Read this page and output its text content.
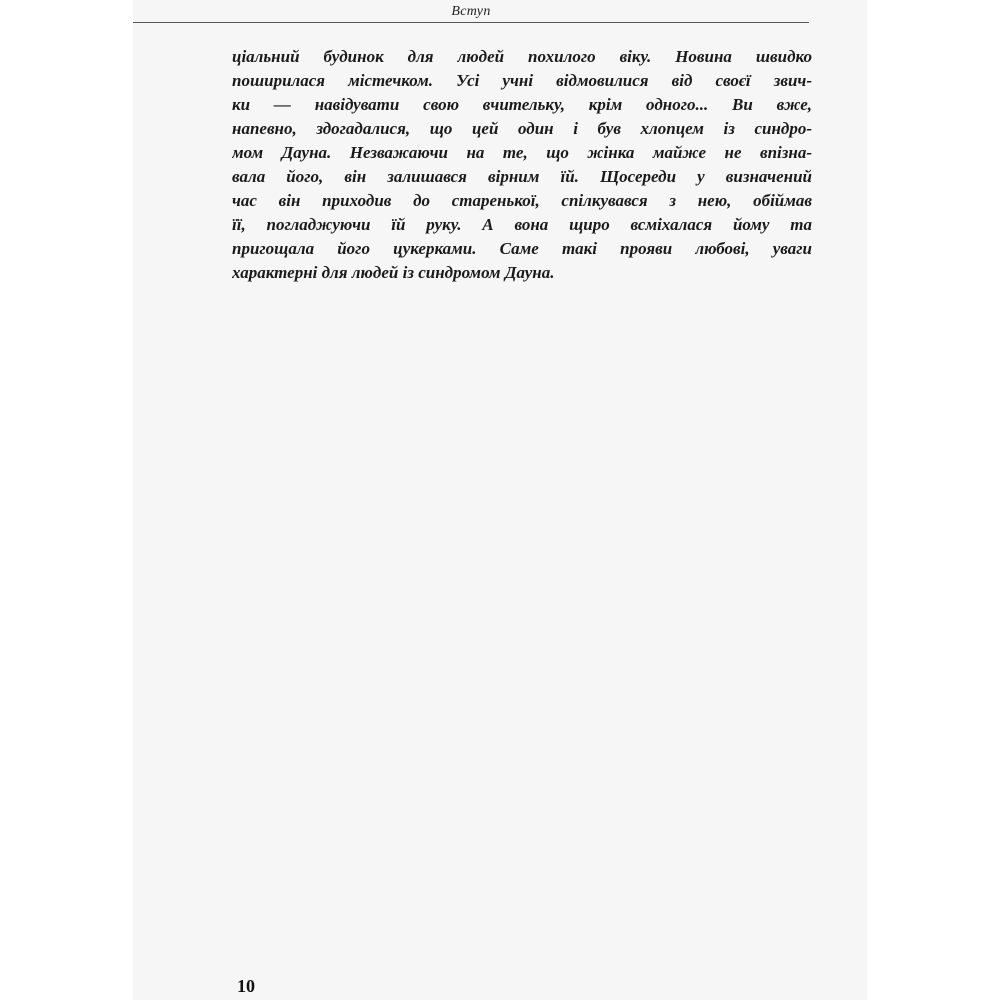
Вступ
ціальний будинок для людей похилого віку. Новина швидко
поширилася містечком. Усі учні відмовилися від своєї звич-
ки — навідувати свою вчительку, крім одного... Ви вже,
напевно, здогадалися, що цей один і був хлопцем із синдро-
мом Дауна. Незважаючи на те, що жінка майже не впізна-
вала його, він залишався вірним їй. Щосереди у визначений
час він приходив до старенької, спілкувався з нею, обіймав
її, погладжуючи їй руку. А вона щиро всміхалася йому та
пригощала його цукерками. Саме такі прояви любові, уваги
характерні для людей із синдромом Дауна.
10
